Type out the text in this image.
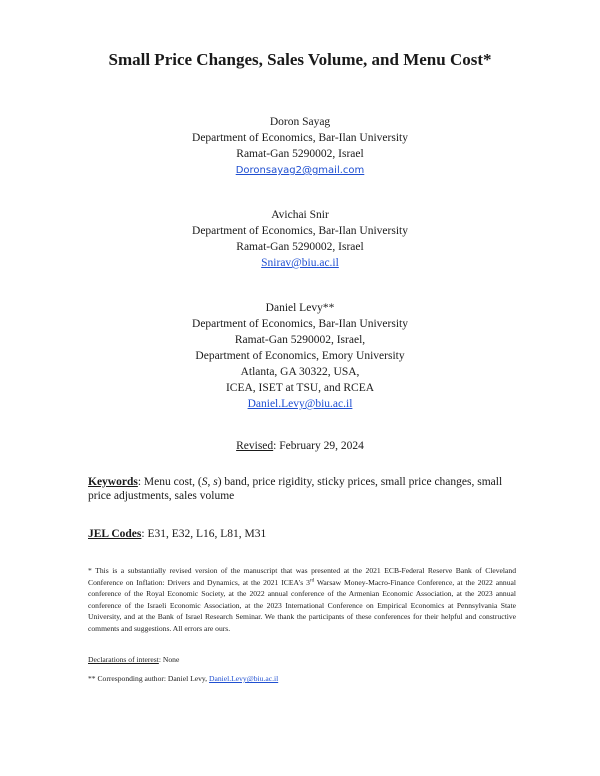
Small Price Changes, Sales Volume, and Menu Cost*
Doron Sayag
Department of Economics, Bar-Ilan University
Ramat-Gan 5290002, Israel
Doronsayag2@gmail.com
Avichai Snir
Department of Economics, Bar-Ilan University
Ramat-Gan 5290002, Israel
Snirav@biu.ac.il
Daniel Levy**
Department of Economics, Bar-Ilan University
Ramat-Gan 5290002, Israel,
Department of Economics, Emory University
Atlanta, GA 30322, USA,
ICEA, ISET at TSU, and RCEA
Daniel.Levy@biu.ac.il
Revised: February 29, 2024
Keywords: Menu cost, (S, s) band, price rigidity, sticky prices, small price changes, small price adjustments, sales volume
JEL Codes: E31, E32, L16, L81, M31
* This is a substantially revised version of the manuscript that was presented at the 2021 ECB-Federal Reserve Bank of Cleveland Conference on Inflation: Drivers and Dynamics, at the 2021 ICEA's 3rd Warsaw Money-Macro-Finance Conference, at the 2022 annual conference of the Royal Economic Society, at the 2022 annual conference of the Armenian Economic Association, at the 2023 annual conference of the Israeli Economic Association, at the 2023 International Conference on Empirical Economics at Pennsylvania State University, and at the Bank of Israel Research Seminar. We thank the participants of these conferences for their helpful and constructive comments and suggestions. All errors are ours.
Declarations of interest: None
** Corresponding author: Daniel Levy, Daniel.Levy@biu.ac.il
